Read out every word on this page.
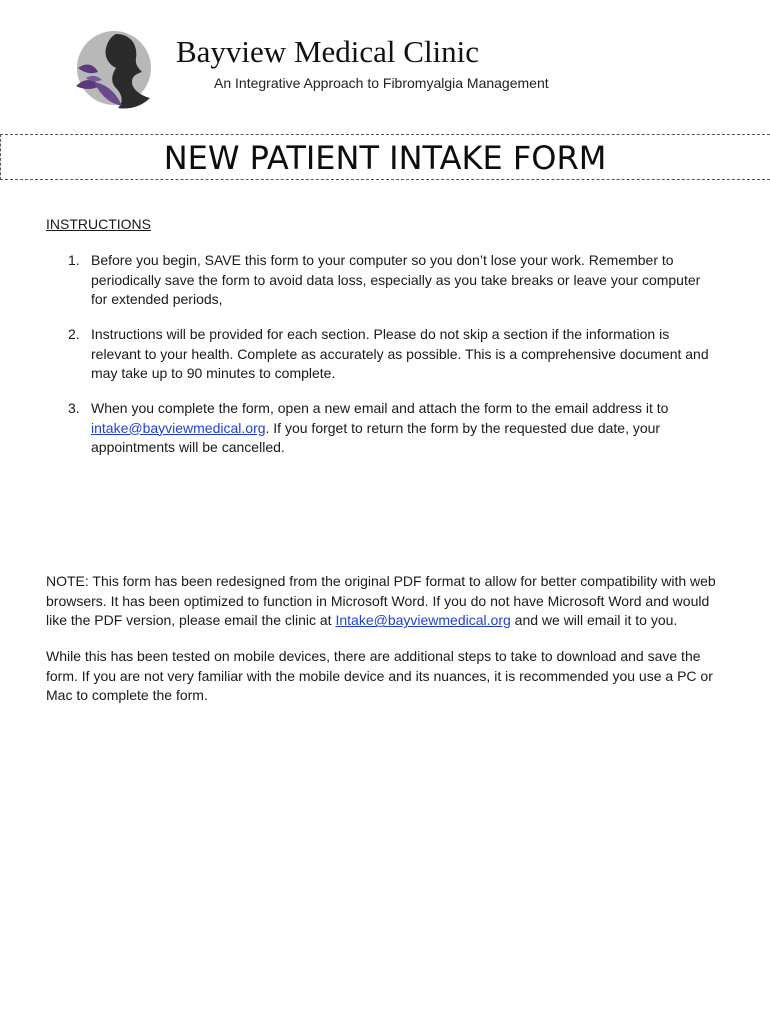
Bayview Medical Clinic
An Integrative Approach to Fibromyalgia Management
NEW PATIENT INTAKE FORM
INSTRUCTIONS
1. Before you begin, SAVE this form to your computer so you don’t lose your work. Remember to periodically save the form to avoid data loss, especially as you take breaks or leave your computer for extended periods,
2. Instructions will be provided for each section. Please do not skip a section if the information is relevant to your health. Complete as accurately as possible. This is a comprehensive document and may take up to 90 minutes to complete.
3. When you complete the form, open a new email and attach the form to the email address it to intake@bayviewmedical.org. If you forget to return the form by the requested due date, your appointments will be cancelled.

NOTE: This form has been redesigned from the original PDF format to allow for better compatibility with web browsers. It has been optimized to function in Microsoft Word. If you do not have Microsoft Word and would like the PDF version, please email the clinic at Intake@bayviewmedical.org and we will email it to you.

While this has been tested on mobile devices, there are additional steps to take to download and save the form. If you are not very familiar with the mobile device and its nuances, it is recommended you use a PC or Mac to complete the form.
